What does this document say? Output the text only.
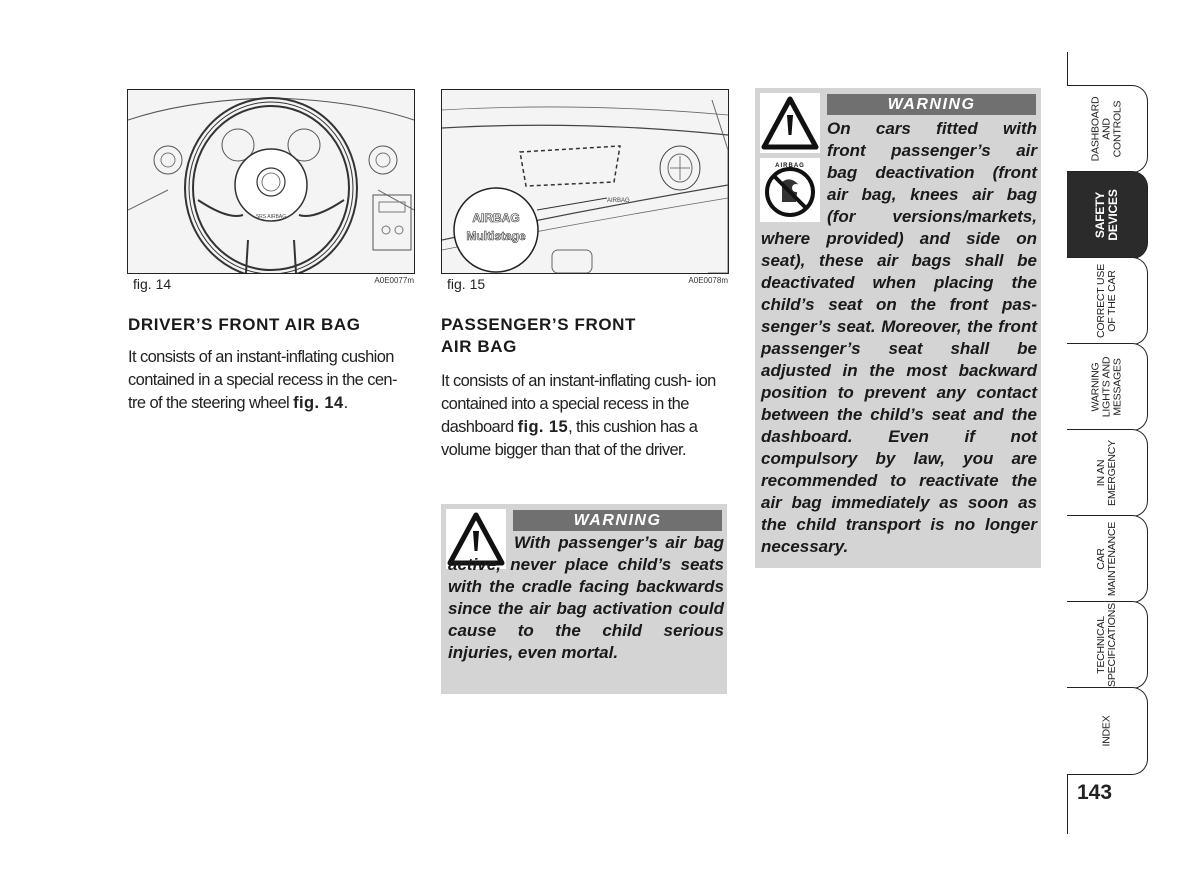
SRS AIRBAG
fig. 14	A0E0077m
AIRBAG
AIRBAG
Multistage
fig. 15	A0E0078m
DRIVER’S FRONT AIR BAG
It consists of an instant-inflating cushion contained in a special recess in the cen- tre of the steering wheel fig. 14.
PASSENGER’S FRONT
AIR BAG
It consists of an instant-inflating cush- ion contained into a special recess in the dashboard fig. 15, this cushion has a volume bigger than that of the driver.
WARNING
With passenger’s air bag active, never place child’s seats with the cradle facing backwards since the air bag activation could cause to the child serious injuries, even mortal.
AIRBAG
WARNING
On cars fitted with
front passenger’s air
bag deactivation (front
air bag, knees air bag
(for versions/markets,
where provided) and side on seat), these air bags shall be deactivated when placing the child’s seat on the front pas- senger’s seat. Moreover, the front passenger’s seat shall be adjusted in the most backward position to prevent any contact between the child’s seat and the dashboard. Even if not compulsory by law, you are recommended to reactivate the air bag immediately as soon as the child transport is no longer necessary.
DASHBOARD
AND
CONTROLS
SAFETY
DEVICES
CORRECT USE
OF THE CAR
WARNING
LIGHTS AND
MESSAGES
IN AN
EMERGENCY
CAR
MAINTENANCE
TECHNICAL
SPECIFICATIONS
INDEX
143
